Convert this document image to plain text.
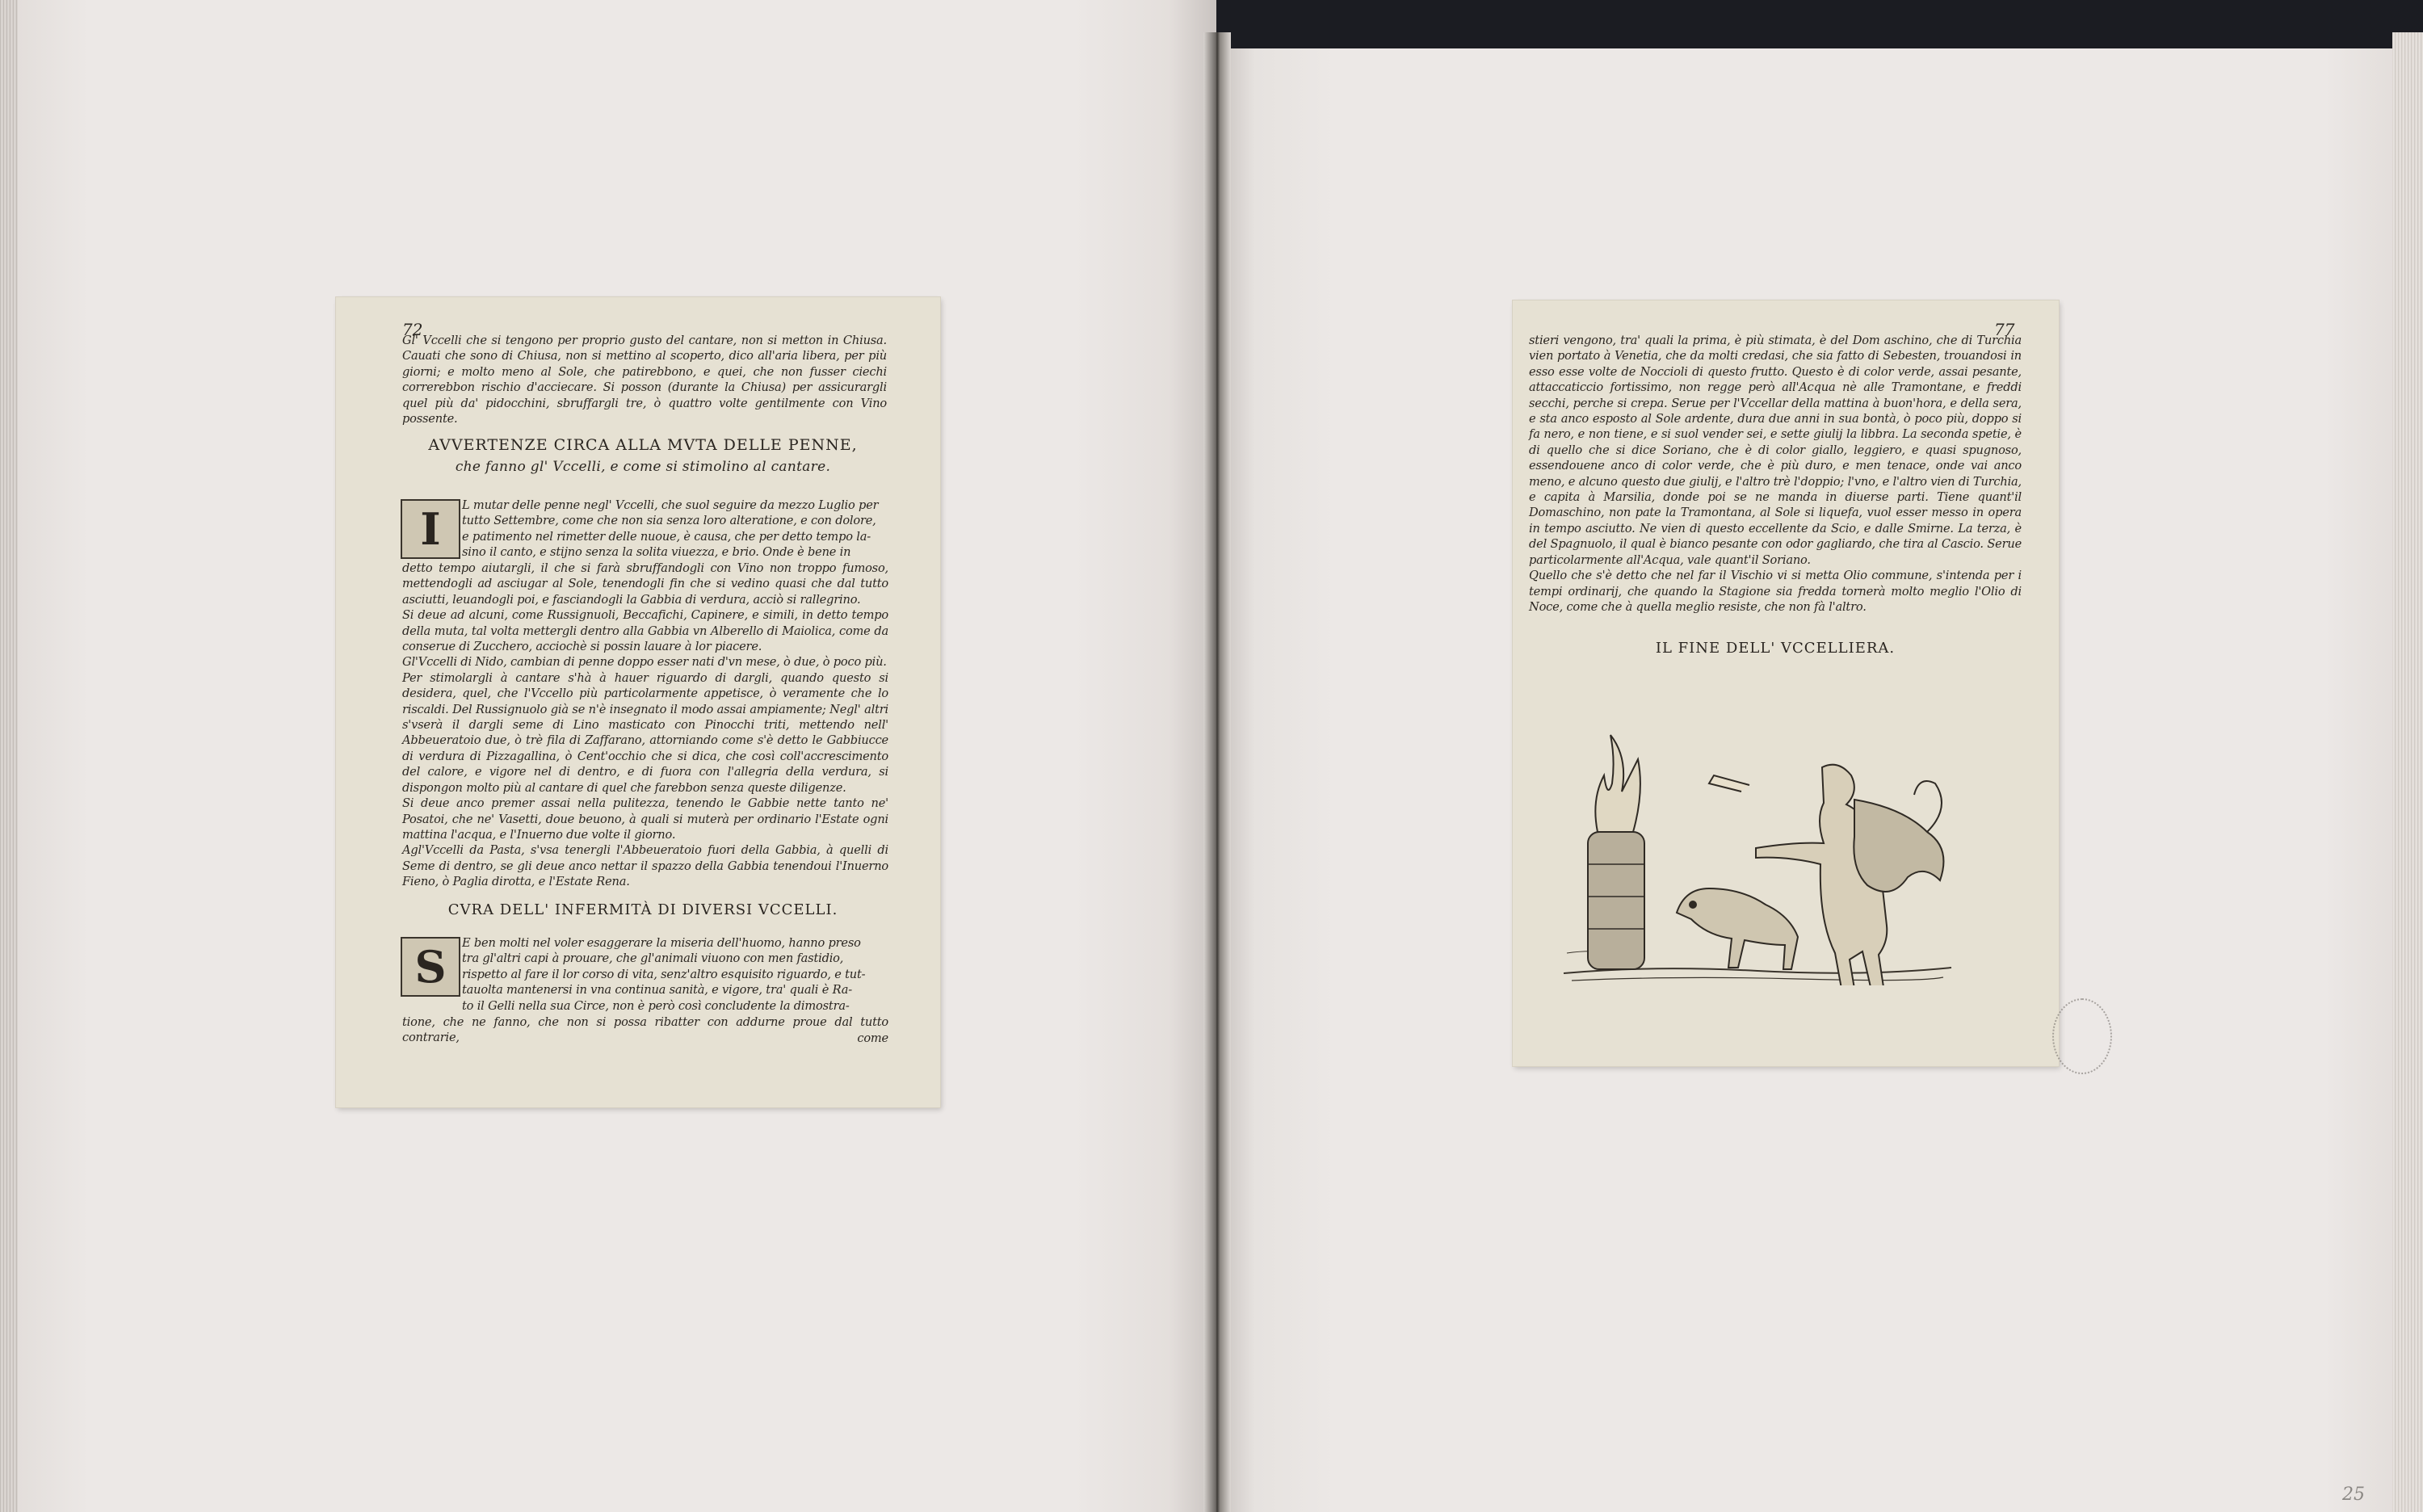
72
Gl' Vccelli che si tengono per proprio gusto del cantare, non si metton in Chiusa. Cauati che sono di Chiusa, non si mettino al scoperto, dico all'aria libera, per più giorni; e molto meno al Sole, che patirebbono, e quei, che non fusser ciechi correrebbon rischio d'acciecare. Si posson (durante la Chiusa) per assicurargli quel più da' pidocchini, sbruffargli tre, ò quattro volte gentilmente con Vino possente.
AVVERTENZE CIRCA ALLA MVTA DELLE PENNE,
che fanno gl' Vccelli, e come si stimolino al cantare.
I L mutar delle penne negl' Vccelli, che suol seguire da mezzo Luglio per
tutto Settembre, come che non sia senza loro alteratione, e con dolore,
e patimento nel rimetter delle nuoue, è causa, che per detto tempo la-
sino il canto, e stijno senza la solita viuezza, e brio. Onde è bene in
detto tempo aiutargli, il che si farà sbruffandogli con Vino non troppo fumoso, mettendogli ad asciugar al Sole, tenendogli fin che si vedino quasi che dal tutto asciutti, leuandogli poi, e fasciandogli la Gabbia di verdura, acciò si rallegrino.
Si deue ad alcuni, come Russignuoli, Beccafichi, Capinere, e simili, in detto tempo della muta, tal volta mettergli dentro alla Gabbia vn Alberello di Maiolica, come da conserue di Zucchero, acciochè si possin lauare à lor piacere.
Gl'Vccelli di Nido, cambian di penne doppo esser nati d'vn mese, ò due, ò poco più.
Per stimolargli à cantare s'hà à hauer riguardo di dargli, quando questo si desidera, quel, che l'Vccello più particolarmente appetisce, ò veramente che lo riscaldi. Del Russignuolo già se n'è insegnato il modo assai ampiamente; Negl' altri s'vserà il dargli seme di Lino masticato con Pinocchi triti, mettendo nell' Abbeueratoio due, ò trè fila di Zaffarano, attorniando come s'è detto le Gabbiucce di verdura di Pizzagallina, ò Cent'occhio che si dica, che così coll'accrescimento del calore, e vigore nel di dentro, e di fuora con l'allegria della verdura, si dispongon molto più al cantare di quel che farebbon senza queste diligenze.
Si deue anco premer assai nella pulitezza, tenendo le Gabbie nette tanto ne' Posatoi, che ne' Vasetti, doue beuono, à quali si muterà per ordinario l'Estate ogni mattina l'acqua, e l'Inuerno due volte il giorno.
Agl'Vccelli da Pasta, s'vsa tenergli l'Abbeueratoio fuori della Gabbia, à quelli di Seme di dentro, se gli deue anco nettar il spazzo della Gabbia tenendoui l'Inuerno Fieno, ò Paglia dirotta, e l'Estate Rena.
CVRA DELL' INFERMITÀ DI DIVERSI VCCELLI.
S E ben molti nel voler esaggerare la miseria dell'huomo, hanno preso
tra gl'altri capi à prouare, che gl'animali viuono con men fastidio,
rispetto al fare il lor corso di vita, senz'altro esquisito riguardo, e tut-
tauolta mantenersi in vna continua sanità, e vigore, tra' quali è Ra-
to il Gelli nella sua Circe, non è però così concludente la dimostra-
tione, che ne fanno, che non si possa ribatter con addurne proue dal tutto contrarie,	come
77
stieri vengono, tra' quali la prima, è più stimata, è del Dom aschino, che di Turchia vien portato à Venetia, che da molti credasi, che sia fatto di Sebesten, trouandosi in esso esse volte de Noccioli di questo frutto. Questo è di color verde, assai pesante, attaccaticcio fortissimo, non regge però all'Acqua nè alle Tramontane, e freddi secchi, perche si crepa. Serue per l'Vccellar della mattina à buon'hora, e della sera, e sta anco esposto al Sole ardente, dura due anni in sua bontà, ò poco più, doppo si fa nero, e non tiene, e si suol vender sei, e sette giulij la libbra. La seconda spetie, è di quello che si dice Soriano, che è di color giallo, leggiero, e quasi spugnoso, essendouene anco di color verde, che è più duro, e men tenace, onde vai anco meno, e alcuno questo due giulij, e l'altro trè l'doppio; l'vno, e l'altro vien di Turchia, e capita à Marsilia, donde poi se ne manda in diuerse parti. Tiene quant'il Domaschino, non pate la Tramontana, al Sole si liquefa, vuol esser messo in opera in tempo asciutto. Ne vien di questo eccellente da Scio, e dalle Smirne. La terza, è del Spagnuolo, il qual è bianco pesante con odor gagliardo, che tira al Cascio. Serue particolarmente all'Acqua, vale quant'il Soriano.
Quello che s'è detto che nel far il Vischio vi si metta Olio commune, s'intenda per i tempi ordinarij, che quando la Stagione sia fredda tornerà molto meglio l'Olio di Noce, come che à quella meglio resiste, che non fà l'altro.
IL FINE DELL' VCCELLIERA.
25
